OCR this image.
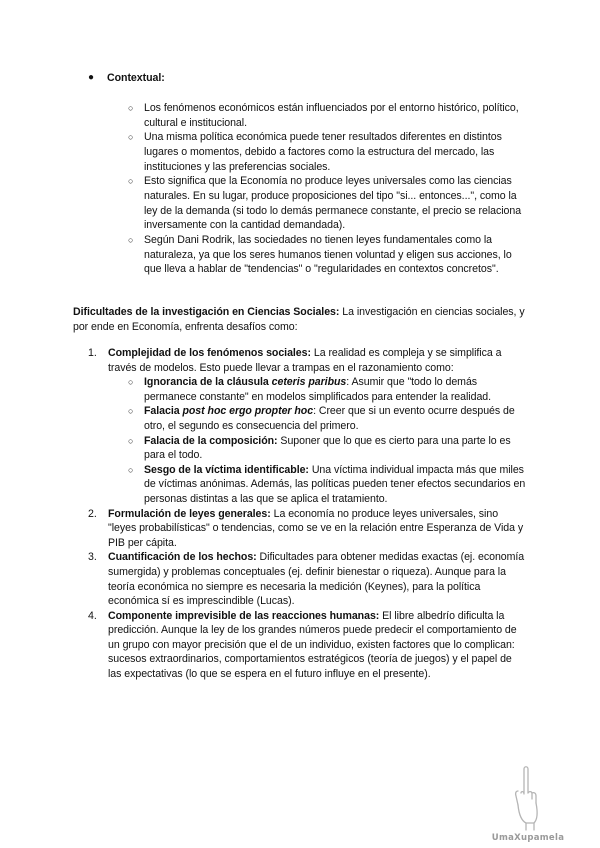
● Contextual:
○ Los fenómenos económicos están influenciados por el entorno histórico, político, cultural e institucional.
○ Una misma política económica puede tener resultados diferentes en distintos lugares o momentos, debido a factores como la estructura del mercado, las instituciones y las preferencias sociales.
○ Esto significa que la Economía no produce leyes universales como las ciencias naturales. En su lugar, produce proposiciones del tipo "si... entonces...", como la ley de la demanda (si todo lo demás permanece constante, el precio se relaciona inversamente con la cantidad demandada).
○ Según Dani Rodrik, las sociedades no tienen leyes fundamentales como la naturaleza, ya que los seres humanos tienen voluntad y eligen sus acciones, lo que lleva a hablar de "tendencias" o "regularidades en contextos concretos".

Dificultades de la investigación en Ciencias Sociales: La investigación en ciencias sociales, y por ende en Economía, enfrenta desafíos como:

1. Complejidad de los fenómenos sociales: La realidad es compleja y se simplifica a través de modelos. Esto puede llevar a trampas en el razonamiento como:
○ Ignorancia de la cláusula ceteris paribus: Asumir que "todo lo demás permanece constante" en modelos simplificados para entender la realidad.
○ Falacia post hoc ergo propter hoc: Creer que si un evento ocurre después de otro, el segundo es consecuencia del primero.
○ Falacia de la composición: Suponer que lo que es cierto para una parte lo es para el todo.
○ Sesgo de la víctima identificable: Una víctima individual impacta más que miles de víctimas anónimas. Además, las políticas pueden tener efectos secundarios en personas distintas a las que se aplica el tratamiento.
2. Formulación de leyes generales: La economía no produce leyes universales, sino "leyes probabilísticas" o tendencias, como se ve en la relación entre Esperanza de Vida y PIB per cápita.
3. Cuantificación de los hechos: Dificultades para obtener medidas exactas (ej. economía sumergida) y problemas conceptuales (ej. definir bienestar o riqueza). Aunque para la teoría económica no siempre es necesaria la medición (Keynes), para la política económica sí es imprescindible (Lucas).
4. Componente imprevisible de las reacciones humanas: El libre albedrío dificulta la predicción. Aunque la ley de los grandes números puede predecir el comportamiento de un grupo con mayor precisión que el de un individuo, existen factores que lo complican: sucesos extraordinarios, comportamientos estratégicos (teoría de juegos) y el papel de las expectativas (lo que se espera en el futuro influye en el presente).
UmaXupamela
